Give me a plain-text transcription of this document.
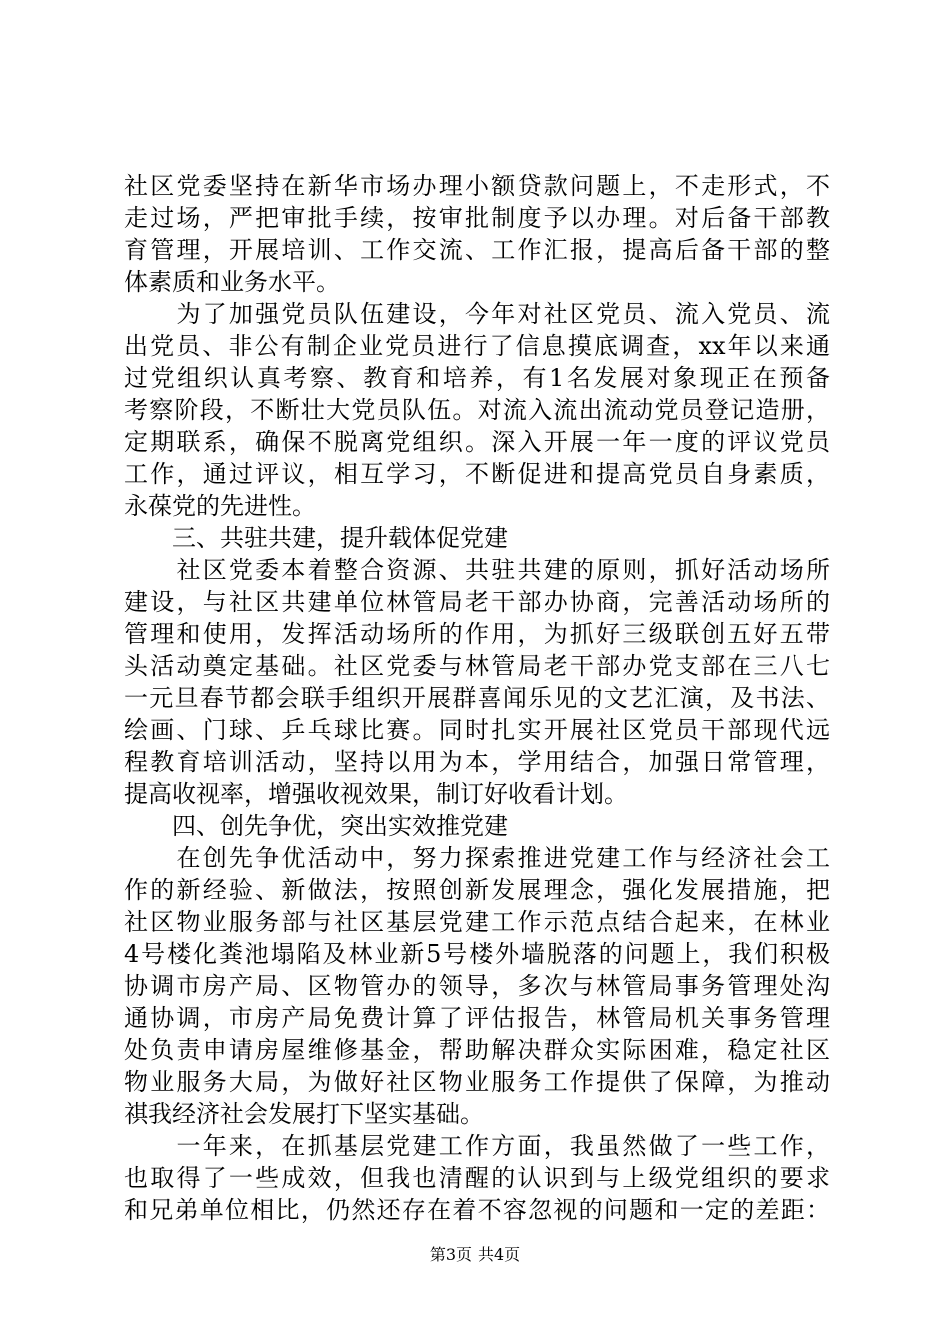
社区党委坚持在新华市场办理小额贷款问题上，不走形式，不
走过场，严把审批手续，按审批制度予以办理。对后备干部教
育管理，开展培训、工作交流、工作汇报，提高后备干部的整
体素质和业务水平。
　　为了加强党员队伍建设，今年对社区党员、流入党员、流
出党员、非公有制企业党员进行了信息摸底调查，xx年以来通
过党组织认真考察、教育和培养，有1名发展对象现正在预备
考察阶段，不断壮大党员队伍。对流入流出流动党员登记造册，
定期联系，确保不脱离党组织。深入开展一年一度的评议党员
工作，通过评议，相互学习，不断促进和提高党员自身素质，
永葆党的先进性。
　　三、共驻共建，提升载体促党建
　　社区党委本着整合资源、共驻共建的原则，抓好活动场所
建设，与社区共建单位林管局老干部办协商，完善活动场所的
管理和使用，发挥活动场所的作用，为抓好三级联创五好五带
头活动奠定基础。社区党委与林管局老干部办党支部在三八七
一元旦春节都会联手组织开展群喜闻乐见的文艺汇演，及书法、
绘画、门球、乒乓球比赛。同时扎实开展社区党员干部现代远
程教育培训活动，坚持以用为本，学用结合，加强日常管理，
提高收视率，增强收视效果，制订好收看计划。
　　四、创先争优，突出实效推党建
　　在创先争优活动中，努力探索推进党建工作与经济社会工
作的新经验、新做法，按照创新发展理念，强化发展措施，把
社区物业服务部与社区基层党建工作示范点结合起来，在林业
4号楼化粪池塌陷及林业新5号楼外墙脱落的问题上，我们积极
协调市房产局、区物管办的领导，多次与林管局事务管理处沟
通协调，市房产局免费计算了评估报告，林管局机关事务管理
处负责申请房屋维修基金，帮助解决群众实际困难，稳定社区
物业服务大局，为做好社区物业服务工作提供了保障，为推动
祺我经济社会发展打下坚实基础。
　　一年来，在抓基层党建工作方面，我虽然做了一些工作，
也取得了一些成效，但我也清醒的认识到与上级党组织的要求
和兄弟单位相比，仍然还存在着不容忽视的问题和一定的差距：
第3页 共4页
